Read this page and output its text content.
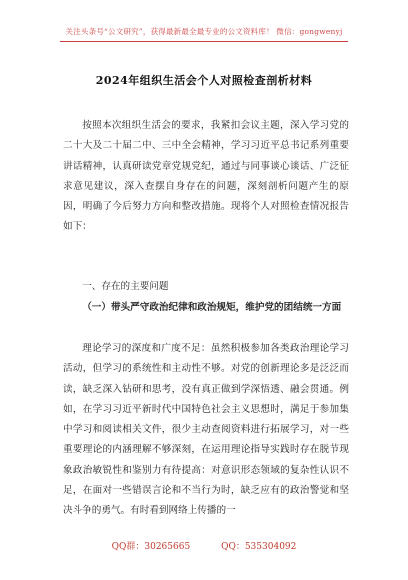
关注头条号“公文研究”，获得最新最全最专业的公文资料库！ 微信：gongwenyj
2024年组织生活会个人对照检查剖析材料

按照本次组织生活会的要求，我紧扣会议主题，深入学习党的二十大及二十届二中、三中全会精神，学习习近平总书记系列重要讲话精神，认真研读党章党规党纪，通过与同事谈心谈话、广泛征求意见建议，深入查摆自身存在的问题，深刻剖析问题产生的原因，明确了今后努力方向和整改措施。现将个人对照检查情况报告如下：

一、存在的主要问题

（一）带头严守政治纪律和政治规矩，维护党的团结统一方面

理论学习的深度和广度不足：虽然积极参加各类政治理论学习活动，但学习的系统性和主动性不够。对党的创新理论多是泛泛而读，缺乏深入钻研和思考，没有真正做到学深悟透、融会贯通。例如，在学习习近平新时代中国特色社会主义思想时，满足于参加集中学习和阅读相关文件，很少主动查阅资料进行拓展学习，对一些重要理论的内涵理解不够深刻，在运用理论指导实践时存在脱节现象政治敏锐性和鉴别力有待提高：对意识形态领域的复杂性认识不足，在面对一些错误言论和不当行为时，缺乏应有的政治警觉和坚决斗争的勇气。有时看到网络上传播的一

QQ群：30265665	QQ：535304092
